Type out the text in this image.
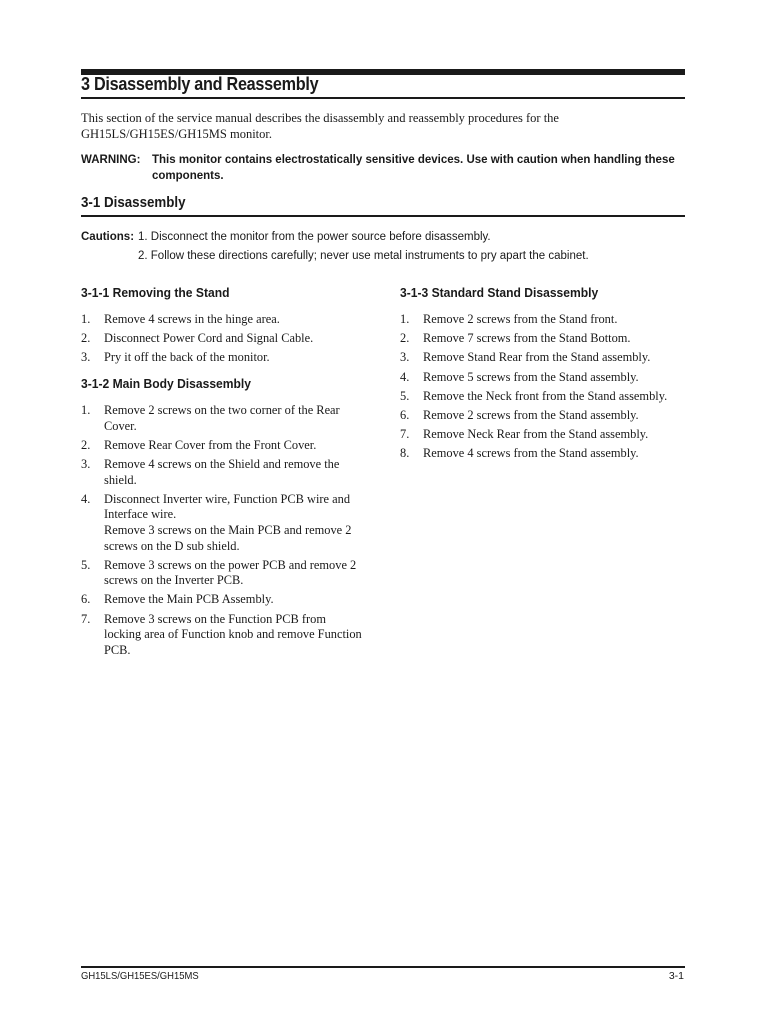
3 Disassembly and Reassembly

This section of the service manual describes the disassembly and reassembly procedures for the GH15LS/GH15ES/GH15MS monitor.

WARNING:	This monitor contains electrostatically sensitive devices. Use with caution when handling these components.
3-1 Disassembly
Cautions: 1. Disconnect the monitor from the power source before disassembly.
2. Follow these directions carefully; never use metal instruments to pry apart the cabinet.
3-1-1 Removing the Stand
1. Remove 4 screws in the hinge area.
2. Disconnect Power Cord and Signal Cable.
3. Pry it off the back of the monitor.
3-1-2 Main Body Disassembly
1. Remove 2 screws on the two corner of the Rear Cover.
2. Remove Rear Cover from the Front Cover.
3. Remove 4 screws on the Shield and remove the shield.
4. Disconnect Inverter wire, Function PCB wire and Interface wire.
Remove 3 screws on the Main PCB and remove 2 screws on the D sub shield.
5. Remove 3 screws on the power PCB and remove 2 screws on the Inverter PCB.
6. Remove the Main PCB Assembly.
7. Remove 3 screws on the Function PCB from locking area of Function knob and remove Function PCB.
3-1-3 Standard Stand Disassembly
1. Remove 2 screws from the Stand front.
2. Remove 7 screws from the Stand Bottom.
3. Remove Stand Rear from the Stand assembly.
4. Remove 5 screws from the Stand assembly.
5. Remove the Neck front from the Stand assembly.
6. Remove 2 screws from the Stand assembly.
7. Remove Neck Rear from the Stand assembly.
8. Remove 4 screws from the Stand assembly.
GH15LS/GH15ES/GH15MS	3-1
